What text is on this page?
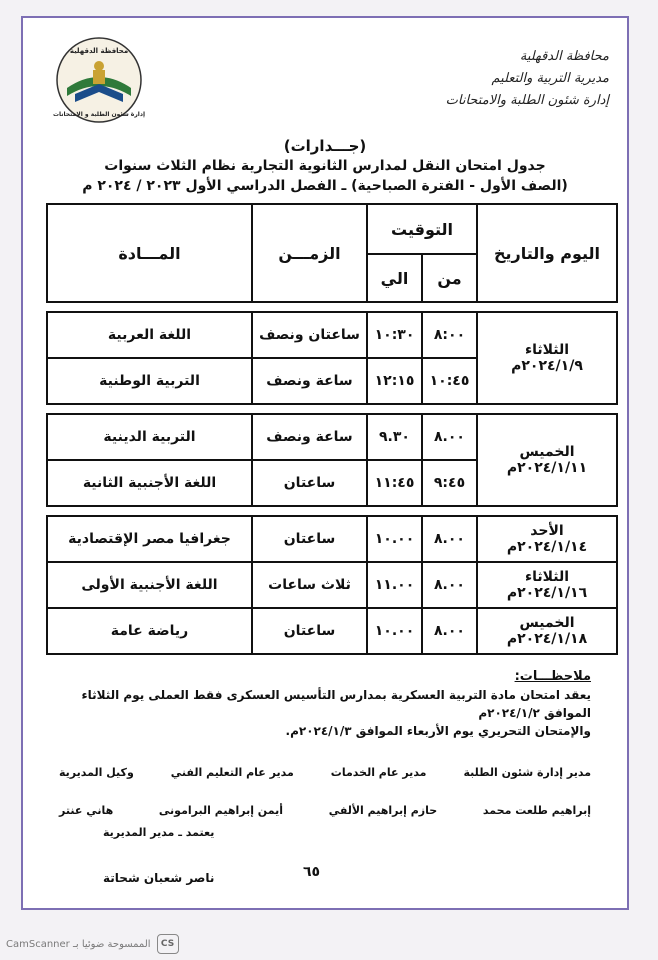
محافظة الدقهلية
مديرية التربية والتعليم
إدارة شئون الطلبة والامتحانات
محافظة الدقهلية
إدارة شئون الطلبة و الامتحانات
(جـــدارات)
جدول امتحان النقل لمدارس الثانوية التجارية نظام الثلاث سنوات
(الصف الأول - الفترة الصباحية) ـ الفصل الدراسي الأول ٢٠٢٣ / ٢٠٢٤ م
اليوم والتاريخ	التوقيت		الزمـــن	المـــادة
	من	الي		

الثلاثاء
٢٠٢٤/١/٩م	٨:٠٠	١٠:٣٠	ساعتان ونصف	اللغة العربية
	١٠:٤٥	١٢:١٥	ساعة ونصف	التربية الوطنية

الخميس
٢٠٢٤/١/١١م	٨.٠٠	٩.٣٠	ساعة ونصف	التربية الدينية
	٩:٤٥	١١:٤٥	ساعتان	اللغة الأجنبية الثانية

الأحد
٢٠٢٤/١/١٤م	٨.٠٠	١٠.٠٠	ساعتان	جغرافيا مصر الإقتصادية

الثلاثاء
٢٠٢٤/١/١٦م	٨.٠٠	١١.٠٠	ثلاث ساعات	اللغة الأجنبية الأولى

الخميس
٢٠٢٤/١/١٨م	٨.٠٠	١٠.٠٠	ساعتان	رياضة عامة
ملاحظـــات:
يعقد امتحان مادة التربية العسكرية بمدارس التأسيس العسكرى فقط العملى يوم الثلاثاء الموافق ٢٠٢٤/١/٢م
والإمتحان التحريري يوم الأربعاء الموافق ٢٠٢٤/١/٣م.
مدير إدارة شئون الطلبة
مدير عام الخدمات
مدير عام التعليم الفني
وكيل المديرية
إبراهيم طلعت محمد
حازم إبراهيم الألفي
أيمن إبراهيم البرامونى
هاني عنتر
يعتمد ـ مدير المديرية
٦٥
ناصر شعبان شحاتة
CS
الممسوحة ضوئيا بـ CamScanner
